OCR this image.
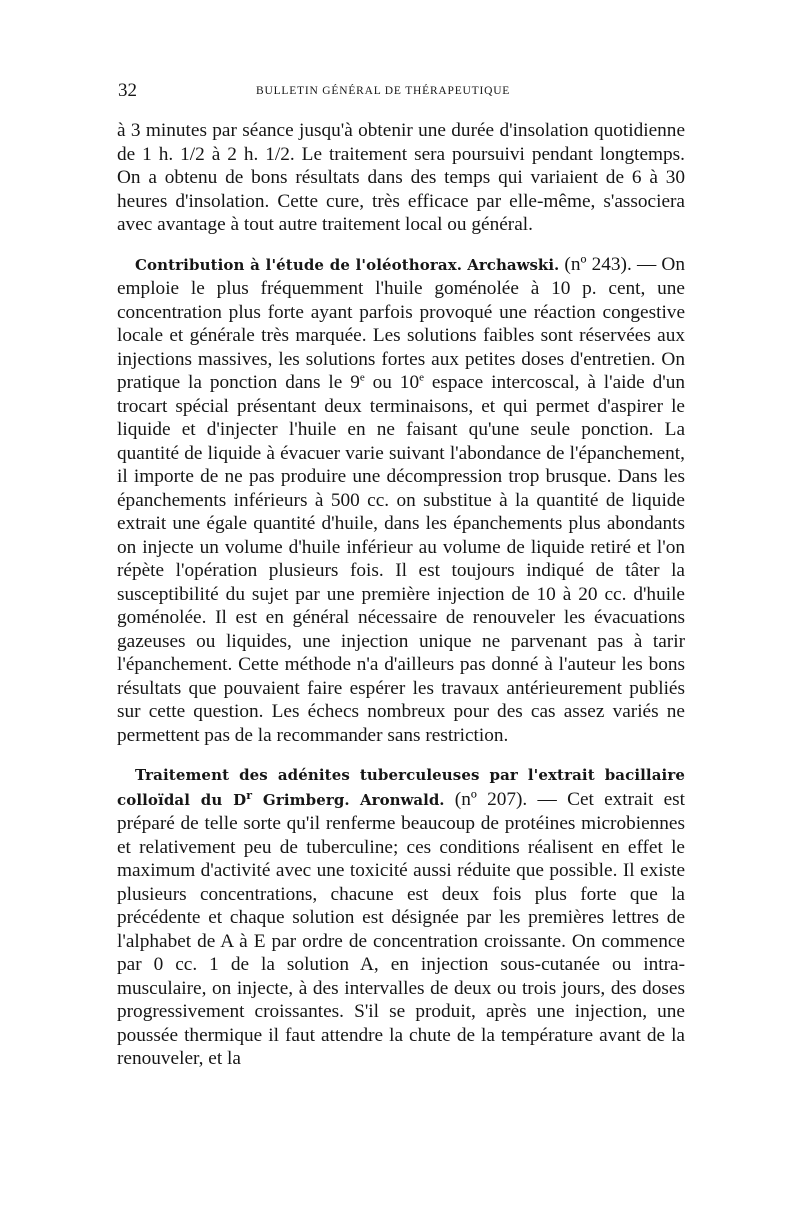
32	BULLETIN GÉNÉRAL DE THÉRAPEUTIQUE

à 3 minutes par séance jusqu'à obtenir une durée d'insolation quotidienne de 1 h. 1/2 à 2 h. 1/2. Le traitement sera poursuivi pendant longtemps. On a obtenu de bons résultats dans des temps qui variaient de 6 à 30 heures d'insolation. Cette cure, très efficace par elle-même, s'associera avec avantage à tout autre traitement local ou général.

Contribution à l'étude de l'oléothorax. Archawski. (nº 243). — On emploie le plus fréquemment l'huile goménolée à 10 p. cent, une concentration plus forte ayant parfois provoqué une réaction congestive locale et générale très marquée. Les solutions faibles sont réservées aux injections massives, les solutions fortes aux petites doses d'entretien. On pratique la ponction dans le 9e ou 10e espace intercoscal, à l'aide d'un trocart spécial présentant deux terminaisons, et qui permet d'aspirer le liquide et d'injecter l'huile en ne faisant qu'une seule ponction. La quantité de liquide à évacuer varie suivant l'abondance de l'épanchement, il importe de ne pas produire une décompression trop brusque. Dans les épanchements inférieurs à 500 cc. on substitue à la quantité de liquide extrait une égale quantité d'huile, dans les épanchements plus abondants on injecte un volume d'huile inférieur au volume de liquide retiré et l'on répète l'opération plusieurs fois. Il est toujours indiqué de tâter la susceptibilité du sujet par une première injection de 10 à 20 cc. d'huile goménolée. Il est en général nécessaire de renouveler les évacuations gazeuses ou liquides, une injection unique ne parvenant pas à tarir l'épanchement. Cette méthode n'a d'ailleurs pas donné à l'auteur les bons résultats que pouvaient faire espérer les travaux antérieurement publiés sur cette question. Les échecs nombreux pour des cas assez variés ne permettent pas de la recommander sans restriction.

Traitement des adénites tuberculeuses par l'extrait bacillaire colloïdal du $D^r$ Grimberg. Aronwald. (nº 207). — Cet extrait est préparé de telle sorte qu'il renferme beaucoup de protéines microbiennes et relativement peu de tuberculine; ces conditions réalisent en effet le maximum d'activité avec une toxicité aussi réduite que possible. Il existe plusieurs concentrations, chacune est deux fois plus forte que la précédente et chaque solution est désignée par les premières lettres de l'alphabet de A à E par ordre de concentration croissante. On commence par 0 cc. 1 de la solution A, en injection sous-cutanée ou intra-musculaire, on injecte, à des intervalles de deux ou trois jours, des doses progressivement croissantes. S'il se produit, après une injection, une poussée thermique il faut attendre la chute de la température avant de la renouveler, et la
